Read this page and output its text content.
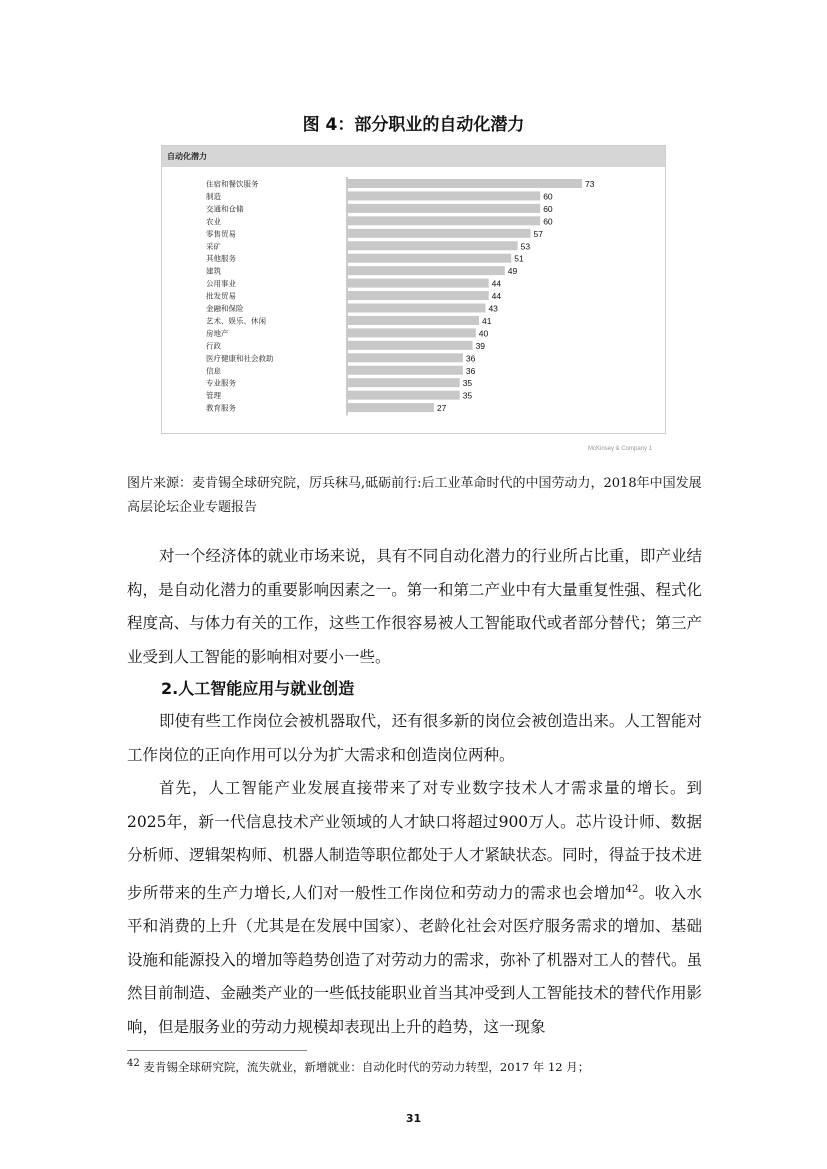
图 4：部分职业的自动化潜力
自动化潜力
住宿和餐饮服务	73
制造	60
交通和仓储	60
农业	60
零售贸易	57
采矿	53
其他服务	51
建筑	49
公用事业	44
批发贸易	44
金融和保险	43
艺术、娱乐、休闲	41
房地产	40
行政	39
医疗健康和社会救助	36
信息	36
专业服务	35
管理	35
教育服务	27
McKinsey & Company 1
图片来源：麦肯锡全球研究院，厉兵秣马,砥砺前行:后工业革命时代的中国劳动力，2018年中国发展高层论坛企业专题报告
对一个经济体的就业市场来说，具有不同自动化潜力的行业所占比重，即产业结构，是自动化潜力的重要影响因素之一。第一和第二产业中有大量重复性强、程式化程度高、与体力有关的工作，这些工作很容易被人工智能取代或者部分替代；第三产业受到人工智能的影响相对要小一些。
2.人工智能应用与就业创造
即使有些工作岗位会被机器取代，还有很多新的岗位会被创造出来。人工智能对工作岗位的正向作用可以分为扩大需求和创造岗位两种。
首先，人工智能产业发展直接带来了对专业数字技术人才需求量的增长。到2025年，新一代信息技术产业领域的人才缺口将超过900万人。芯片设计师、数据分析师、逻辑架构师、机器人制造等职位都处于人才紧缺状态。同时，得益于技术进步所带来的生产力增长,人们对一般性工作岗位和劳动力的需求也会增加$^{42}$。收入水平和消费的上升（尤其是在发展中国家）、老龄化社会对医疗服务需求的增加、基础设施和能源投入的增加等趋势创造了对劳动力的需求，弥补了机器对工人的替代。虽然目前制造、金融类产业的一些低技能职业首当其冲受到人工智能技术的替代作用影响，但是服务业的劳动力规模却表现出上升的趋势，这一现象
$^{42}$ 麦肯锡全球研究院，流失就业，新增就业：自动化时代的劳动力转型，2017 年 12 月；
31
